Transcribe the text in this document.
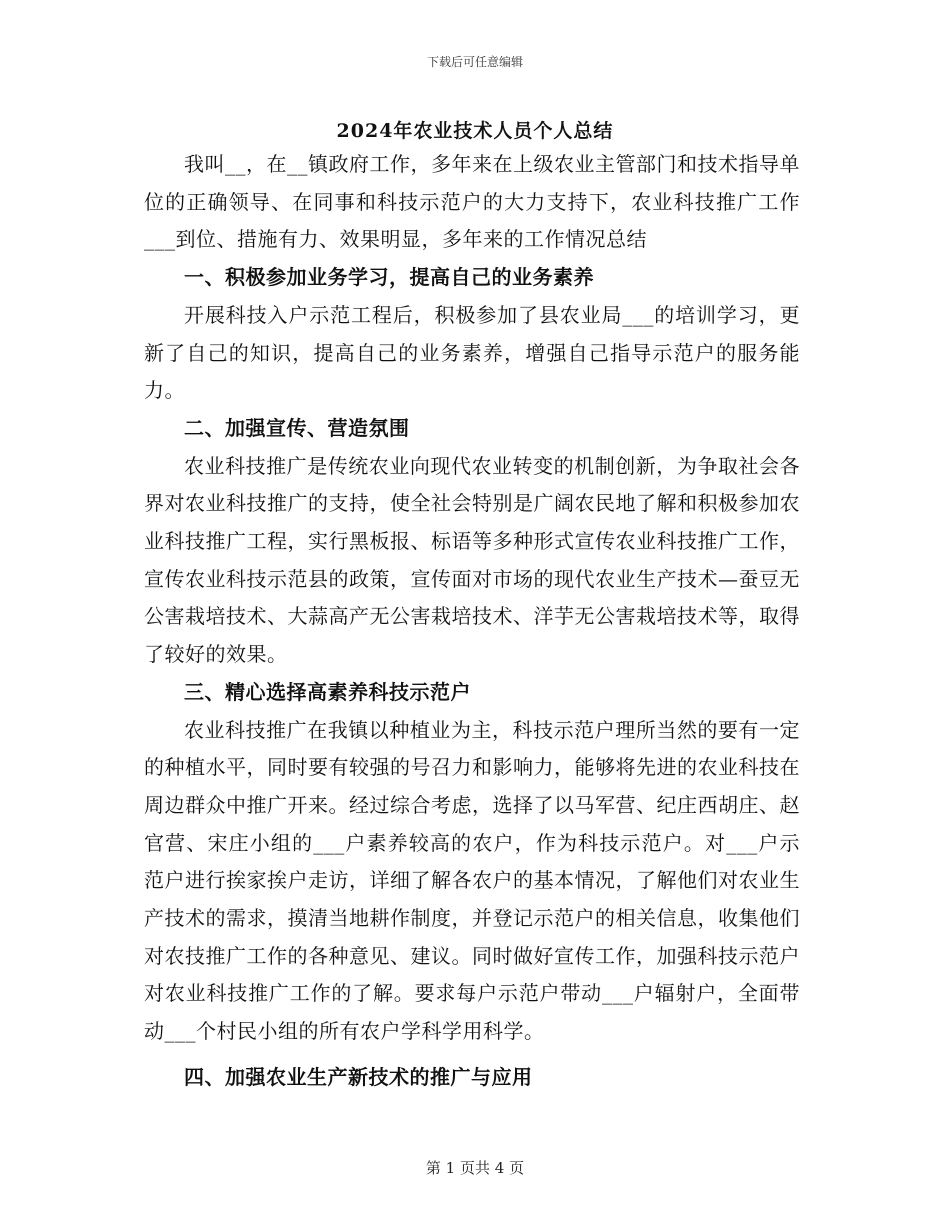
下载后可任意编辑
2024年农业技术人员个人总结

我叫__，在__镇政府工作，多年来在上级农业主管部门和技术指导单位的正确领导、在同事和科技示范户的大力支持下，农业科技推广工作___到位、措施有力、效果明显，多年来的工作情况总结

一、积极参加业务学习，提高自己的业务素养

开展科技入户示范工程后，积极参加了县农业局___的培训学习，更新了自己的知识，提高自己的业务素养，增强自己指导示范户的服务能力。

二、加强宣传、营造氛围

农业科技推广是传统农业向现代农业转变的机制创新，为争取社会各界对农业科技推广的支持，使全社会特别是广阔农民地了解和积极参加农业科技推广工程，实行黑板报、标语等多种形式宣传农业科技推广工作，宣传农业科技示范县的政策，宣传面对市场的现代农业生产技术—蚕豆无公害栽培技术、大蒜高产无公害栽培技术、洋芋无公害栽培技术等，取得了较好的效果。

三、精心选择高素养科技示范户

农业科技推广在我镇以种植业为主，科技示范户理所当然的要有一定的种植水平，同时要有较强的号召力和影响力，能够将先进的农业科技在周边群众中推广开来。经过综合考虑，选择了以马军营、纪庄西胡庄、赵官营、宋庄小组的___户素养较高的农户，作为科技示范户。对___户示范户进行挨家挨户走访，详细了解各农户的基本情况，了解他们对农业生产技术的需求，摸清当地耕作制度，并登记示范户的相关信息，收集他们对农技推广工作的各种意见、建议。同时做好宣传工作，加强科技示范户对农业科技推广工作的了解。要求每户示范户带动___户辐射户，全面带动___个村民小组的所有农户学科学用科学。

四、加强农业生产新技术的推广与应用

第 1 页共 4 页
